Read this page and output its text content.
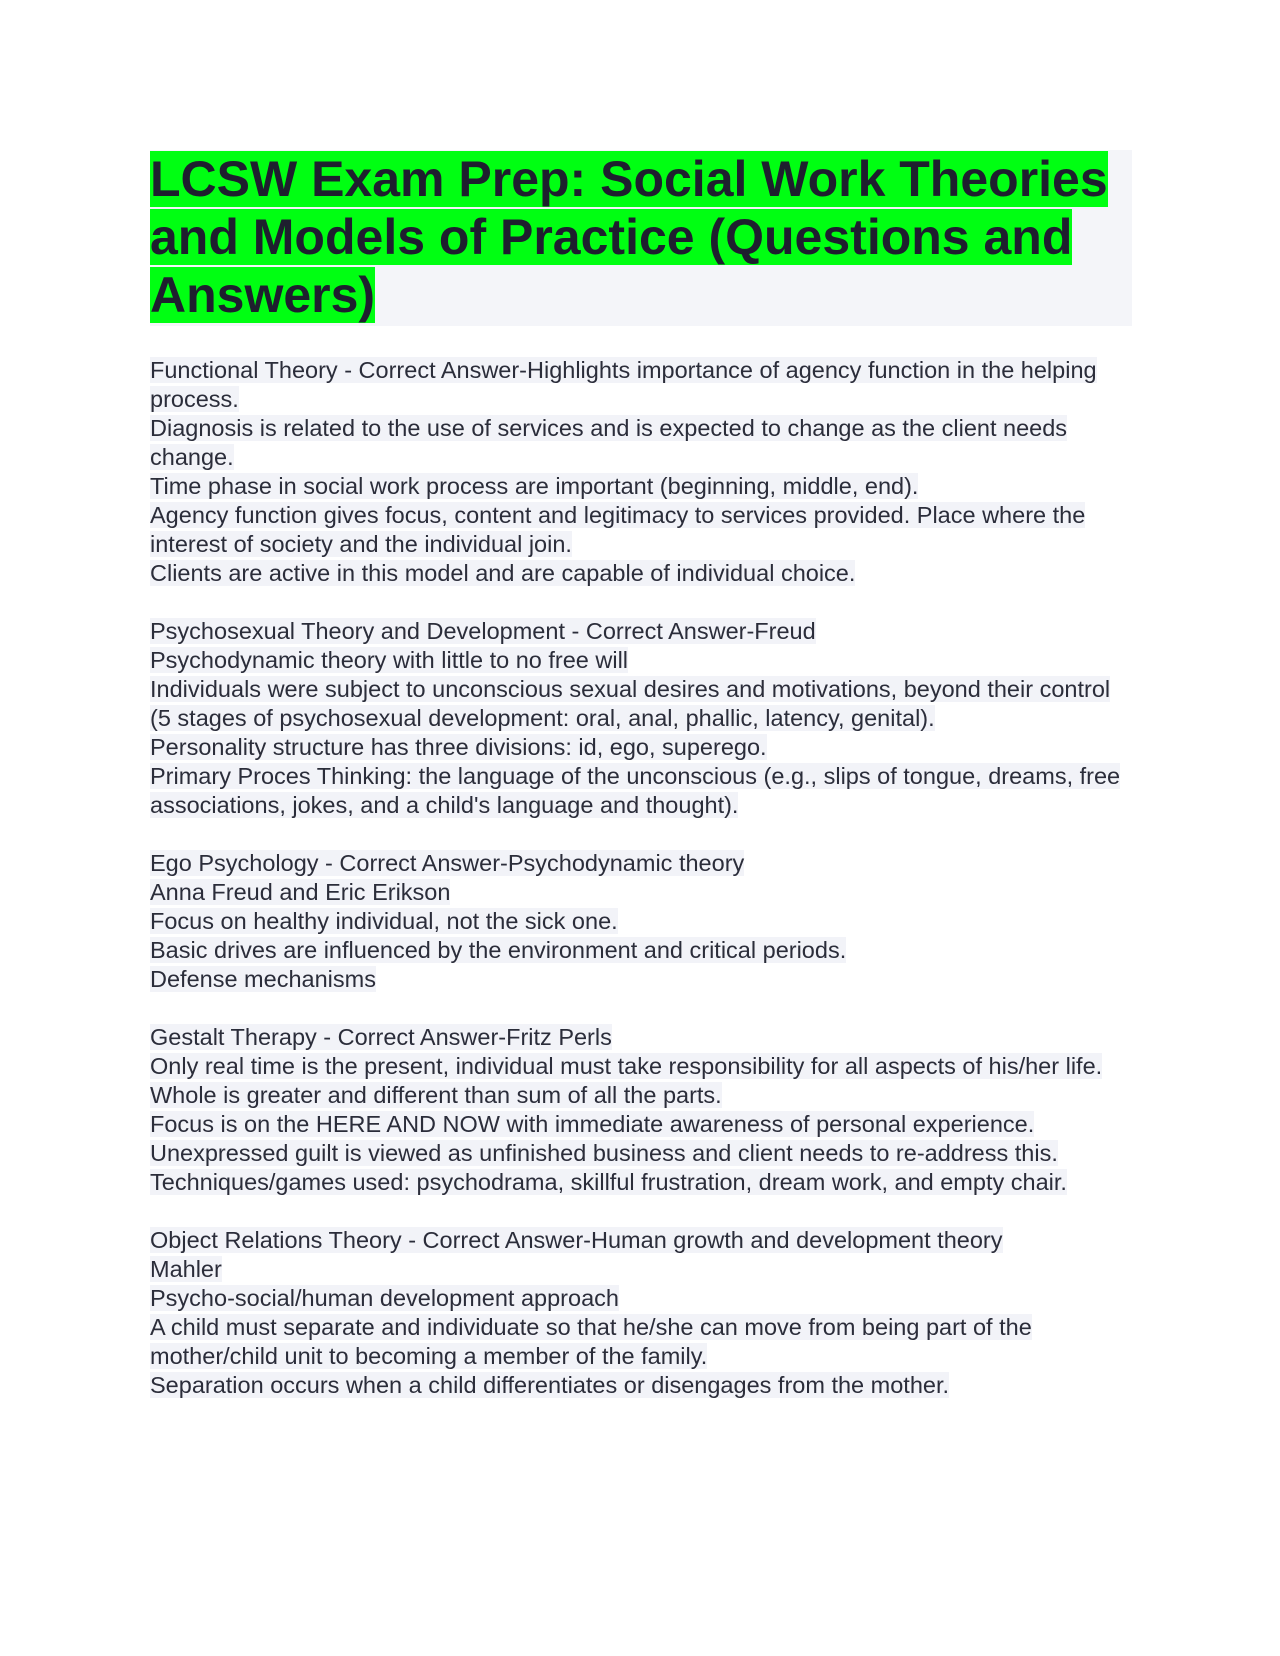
LCSW Exam Prep: Social Work Theories and Models of Practice (Questions and Answers)

Functional Theory - Correct Answer-Highlights importance of agency function in the helping process.

Diagnosis is related to the use of services and is expected to change as the client needs change.

Time phase in social work process are important (beginning, middle, end).

Agency function gives focus, content and legitimacy to services provided. Place where the interest of society and the individual join.

Clients are active in this model and are capable of individual choice.

Psychosexual Theory and Development - Correct Answer-Freud

Psychodynamic theory with little to no free will

Individuals were subject to unconscious sexual desires and motivations, beyond their control (5 stages of psychosexual development: oral, anal, phallic, latency, genital).

Personality structure has three divisions: id, ego, superego.

Primary Proces Thinking: the language of the unconscious (e.g., slips of tongue, dreams, free associations, jokes, and a child's language and thought).

Ego Psychology - Correct Answer-Psychodynamic theory

Anna Freud and Eric Erikson

Focus on healthy individual, not the sick one.

Basic drives are influenced by the environment and critical periods.

Defense mechanisms

Gestalt Therapy - Correct Answer-Fritz Perls

Only real time is the present, individual must take responsibility for all aspects of his/her life.

Whole is greater and different than sum of all the parts.

Focus is on the HERE AND NOW with immediate awareness of personal experience.

Unexpressed guilt is viewed as unfinished business and client needs to re-address this.

Techniques/games used: psychodrama, skillful frustration, dream work, and empty chair.

Object Relations Theory - Correct Answer-Human growth and development theory

Mahler

Psycho-social/human development approach

A child must separate and individuate so that he/she can move from being part of the mother/child unit to becoming a member of the family.

Separation occurs when a child differentiates or disengages from the mother.
